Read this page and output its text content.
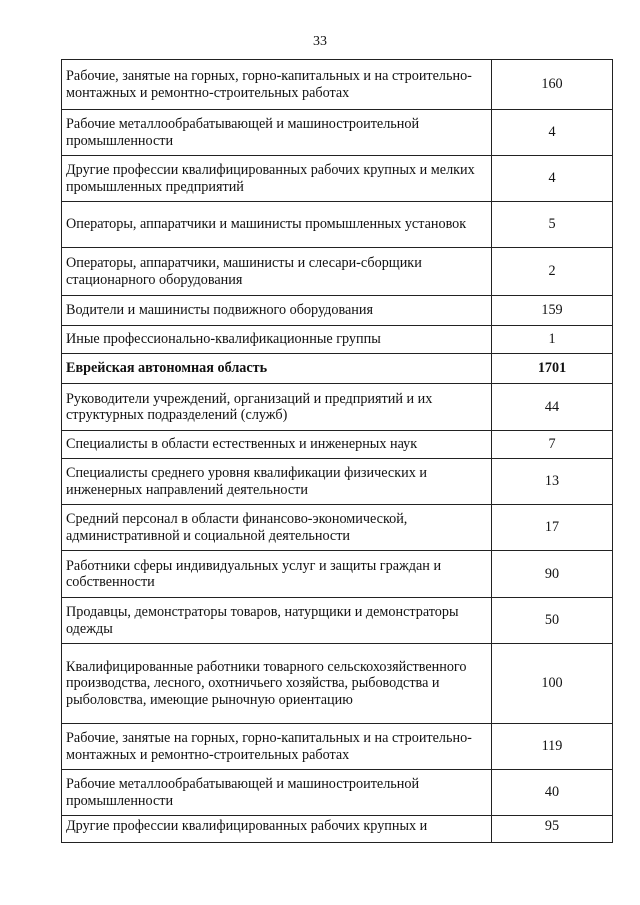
33
Рабочие, занятые на горных, горно-капитальных и на строительно-монтажных и ремонтно-строительных работах	160
Рабочие металлообрабатывающей и машиностроительной промышленности	4
Другие профессии квалифицированных рабочих крупных и мелких промышленных предприятий	4
Операторы, аппаратчики и машинисты промышленных установок	5
Операторы, аппаратчики, машинисты и слесари-сборщики стационарного оборудования	2
Водители и машинисты подвижного оборудования	159
Иные профессионально-квалификационные группы	1
Еврейская автономная область	1701
Руководители учреждений, организаций и предприятий и их структурных подразделений (служб)	44
Специалисты в области естественных и инженерных наук	7
Специалисты среднего уровня квалификации физических и инженерных направлений деятельности	13
Средний персонал в области финансово-экономической, административной и социальной деятельности	17
Работники сферы индивидуальных услуг и защиты граждан и собственности	90
Продавцы, демонстраторы товаров, натурщики и демонстраторы одежды	50
Квалифицированные работники товарного сельскохозяйственного производства, лесного, охотничьего хозяйства, рыбоводства и рыболовства, имеющие рыночную ориентацию	100
Рабочие, занятые на горных, горно-капитальных и на строительно-монтажных и ремонтно-строительных работах	119
Рабочие металлообрабатывающей и машиностроительной промышленности	40
Другие профессии квалифицированных рабочих крупных и	95
